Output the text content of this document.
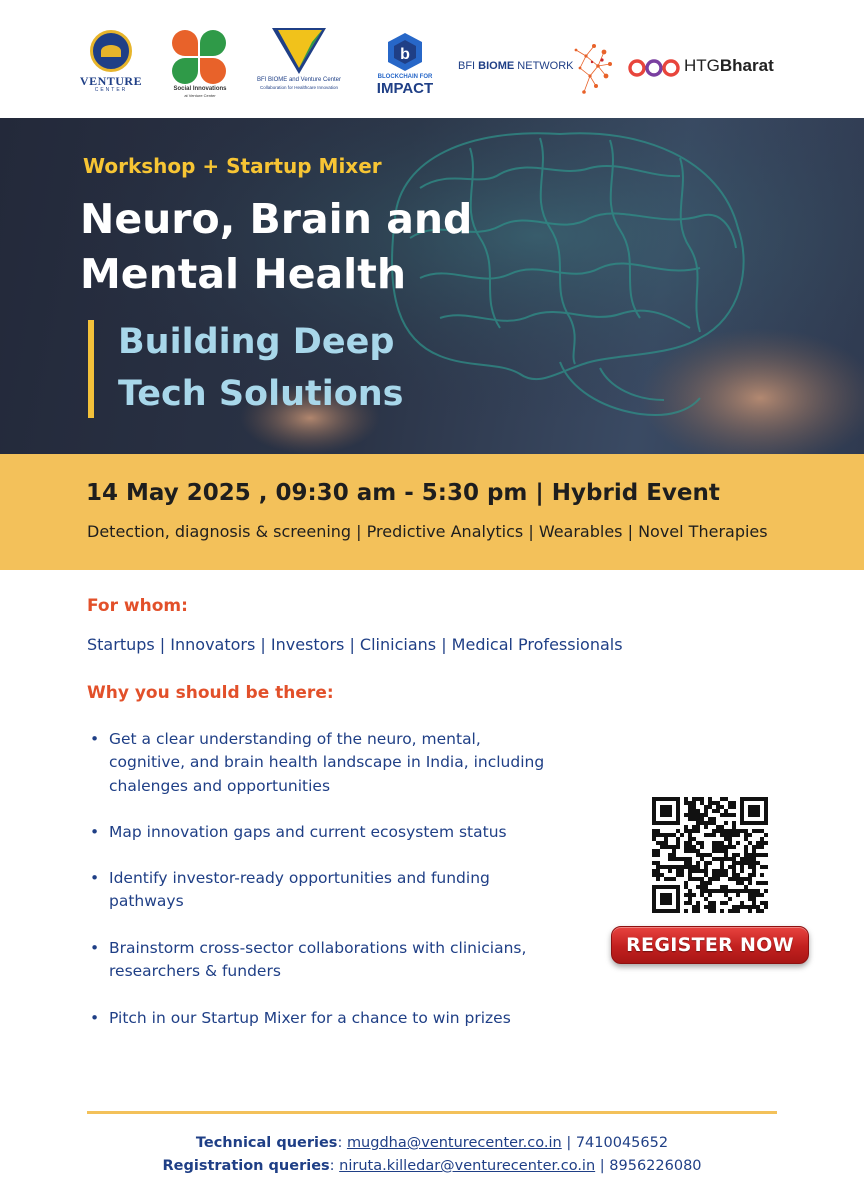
VENTURE
CENTER	Social Innovations
at Venture Center
BFI BIOME and Venture Center
Collaboration for Healthcare Innovation
b
BLOCKCHAIN FOR
IMPACT
BFI BIOME NETWORK	HTGBharat
Workshop + Startup Mixer
Neuro, Brain and
Mental Health
Building Deep
Tech Solutions
14 May 2025 , 09:30 am - 5:30 pm | Hybrid Event
Detection, diagnosis & screening | Predictive Analytics | Wearables | Novel Therapies
For whom:
Startups | Innovators | Investors | Clinicians | Medical Professionals
Why you should be there:
• Get a clear understanding of the neuro, mental, cognitive, and brain health landscape in India, including chalenges and opportunities
• Map innovation gaps and current ecosystem status
• Identify investor-ready opportunities and funding pathways
• Brainstorm cross-sector collaborations with clinicians, researchers & funders
• Pitch in our Startup Mixer for a chance to win prizes
REGISTER NOW
Technical queries: mugdha@venturecenter.co.in | 7410045652
Registration queries: niruta.killedar@venturecenter.co.in | 8956226080
